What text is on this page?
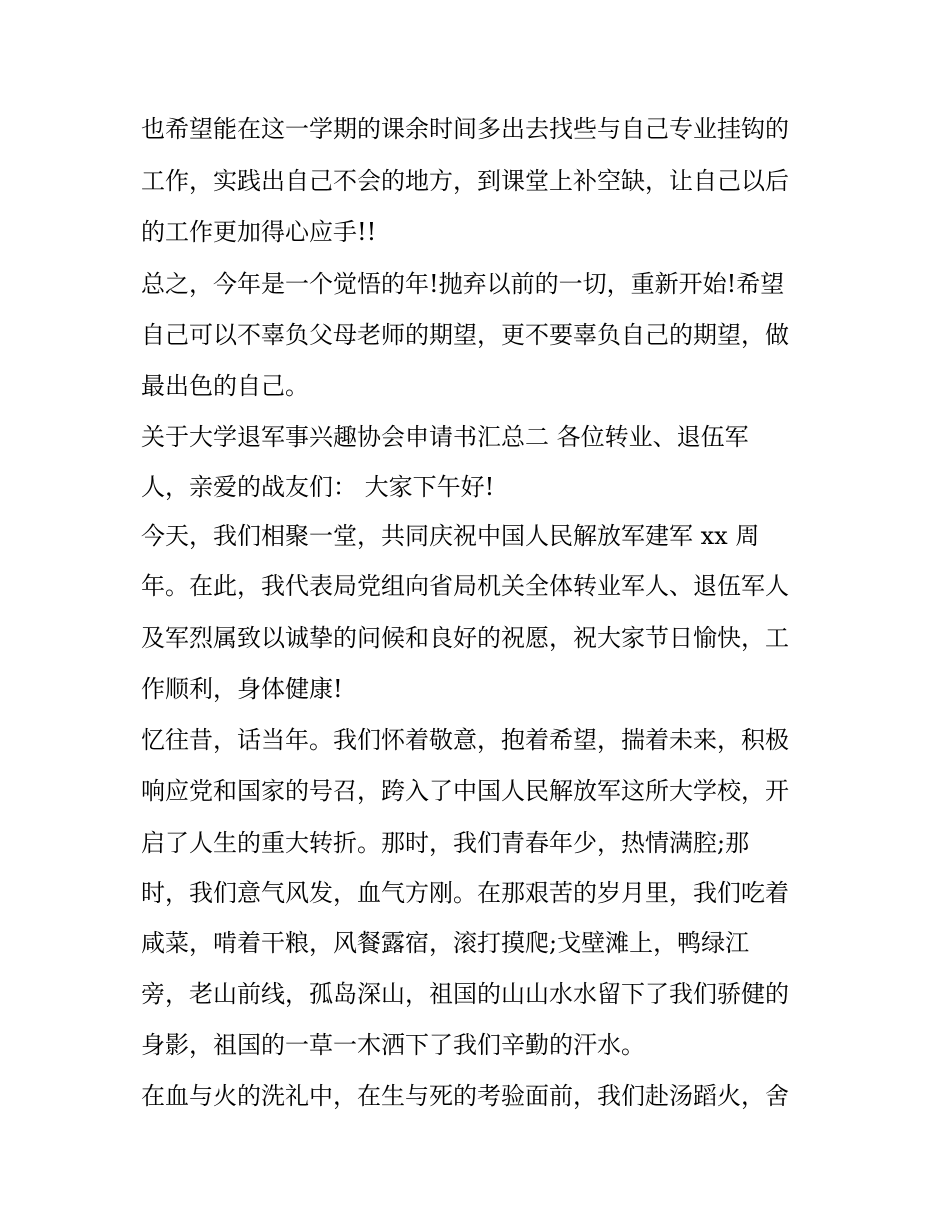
也希望能在这一学期的课余时间多出去找些与自己专业挂钩的
工作，实践出自己不会的地方，到课堂上补空缺，让自己以后
的工作更加得心应手!!
总之，今年是一个觉悟的年!抛弃以前的一切，重新开始!希望
自己可以不辜负父母老师的期望，更不要辜负自己的期望，做
最出色的自己。
关于大学退军事兴趣协会申请书汇总二 各位转业、退伍军
人，亲爱的战友们： 大家下午好!
今天，我们相聚一堂，共同庆祝中国人民解放军建军 xx 周
年。在此，我代表局党组向省局机关全体转业军人、退伍军人
及军烈属致以诚挚的问候和良好的祝愿，祝大家节日愉快，工
作顺利，身体健康!
忆往昔，话当年。我们怀着敬意，抱着希望，揣着未来，积极
响应党和国家的号召，跨入了中国人民解放军这所大学校，开
启了人生的重大转折。那时，我们青春年少，热情满腔;那
时，我们意气风发，血气方刚。在那艰苦的岁月里，我们吃着
咸菜，啃着干粮，风餐露宿，滚打摸爬;戈壁滩上，鸭绿江
旁，老山前线，孤岛深山，祖国的山山水水留下了我们骄健的
身影，祖国的一草一木洒下了我们辛勤的汗水。
在血与火的洗礼中，在生与死的考验面前，我们赴汤蹈火，舍
